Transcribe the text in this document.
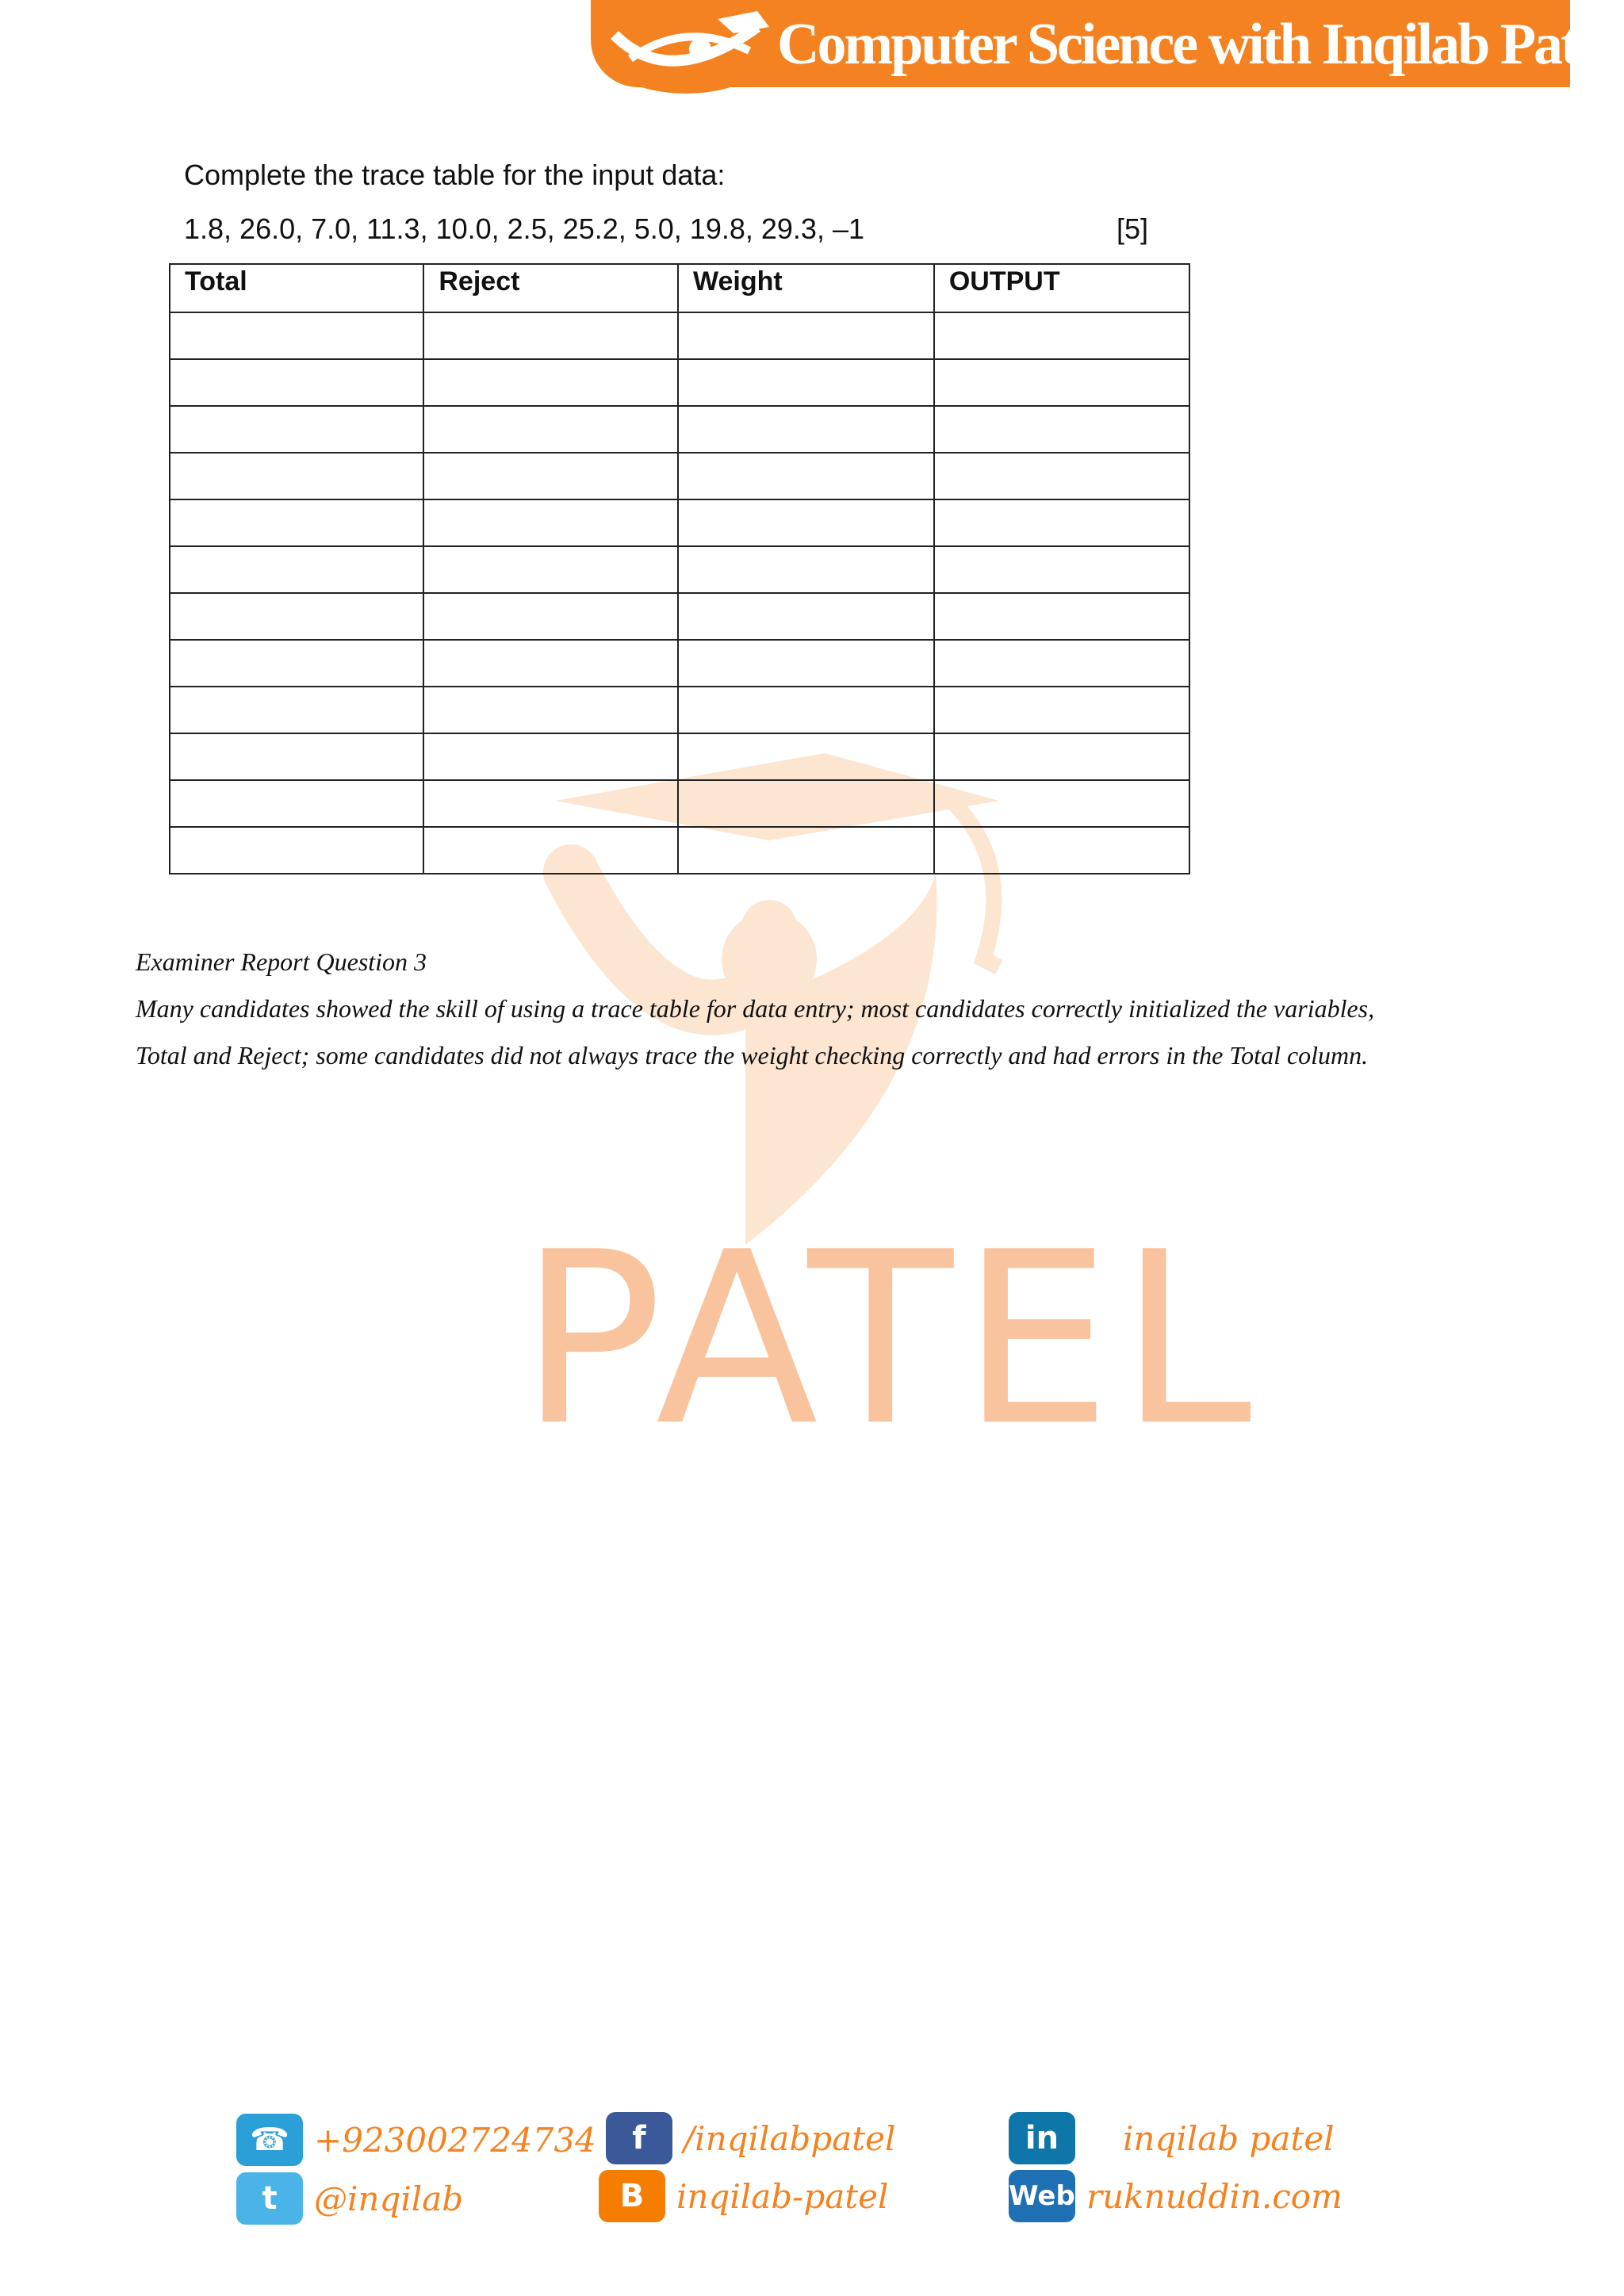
Computer Science with Inqilab Patel
PATEL
Complete the trace table for the input data:
1.8, 26.0, 7.0, 11.3, 10.0, 2.5, 25.2, 5.0, 19.8, 29.3, –1	[5]
Total	Reject	Weight	OUTPUT

Examiner Report Question 3
Many candidates showed the skill of using a trace table for data entry; most candidates correctly initialized the variables,
Total and Reject; some candidates did not always trace the weight checking correctly and had errors in the Total column.
☎ +923002724734
t	@inqilab
f	/inqilabpatel
B inqilab-patel
in	inqilab patel
Web ruknuddin.com
